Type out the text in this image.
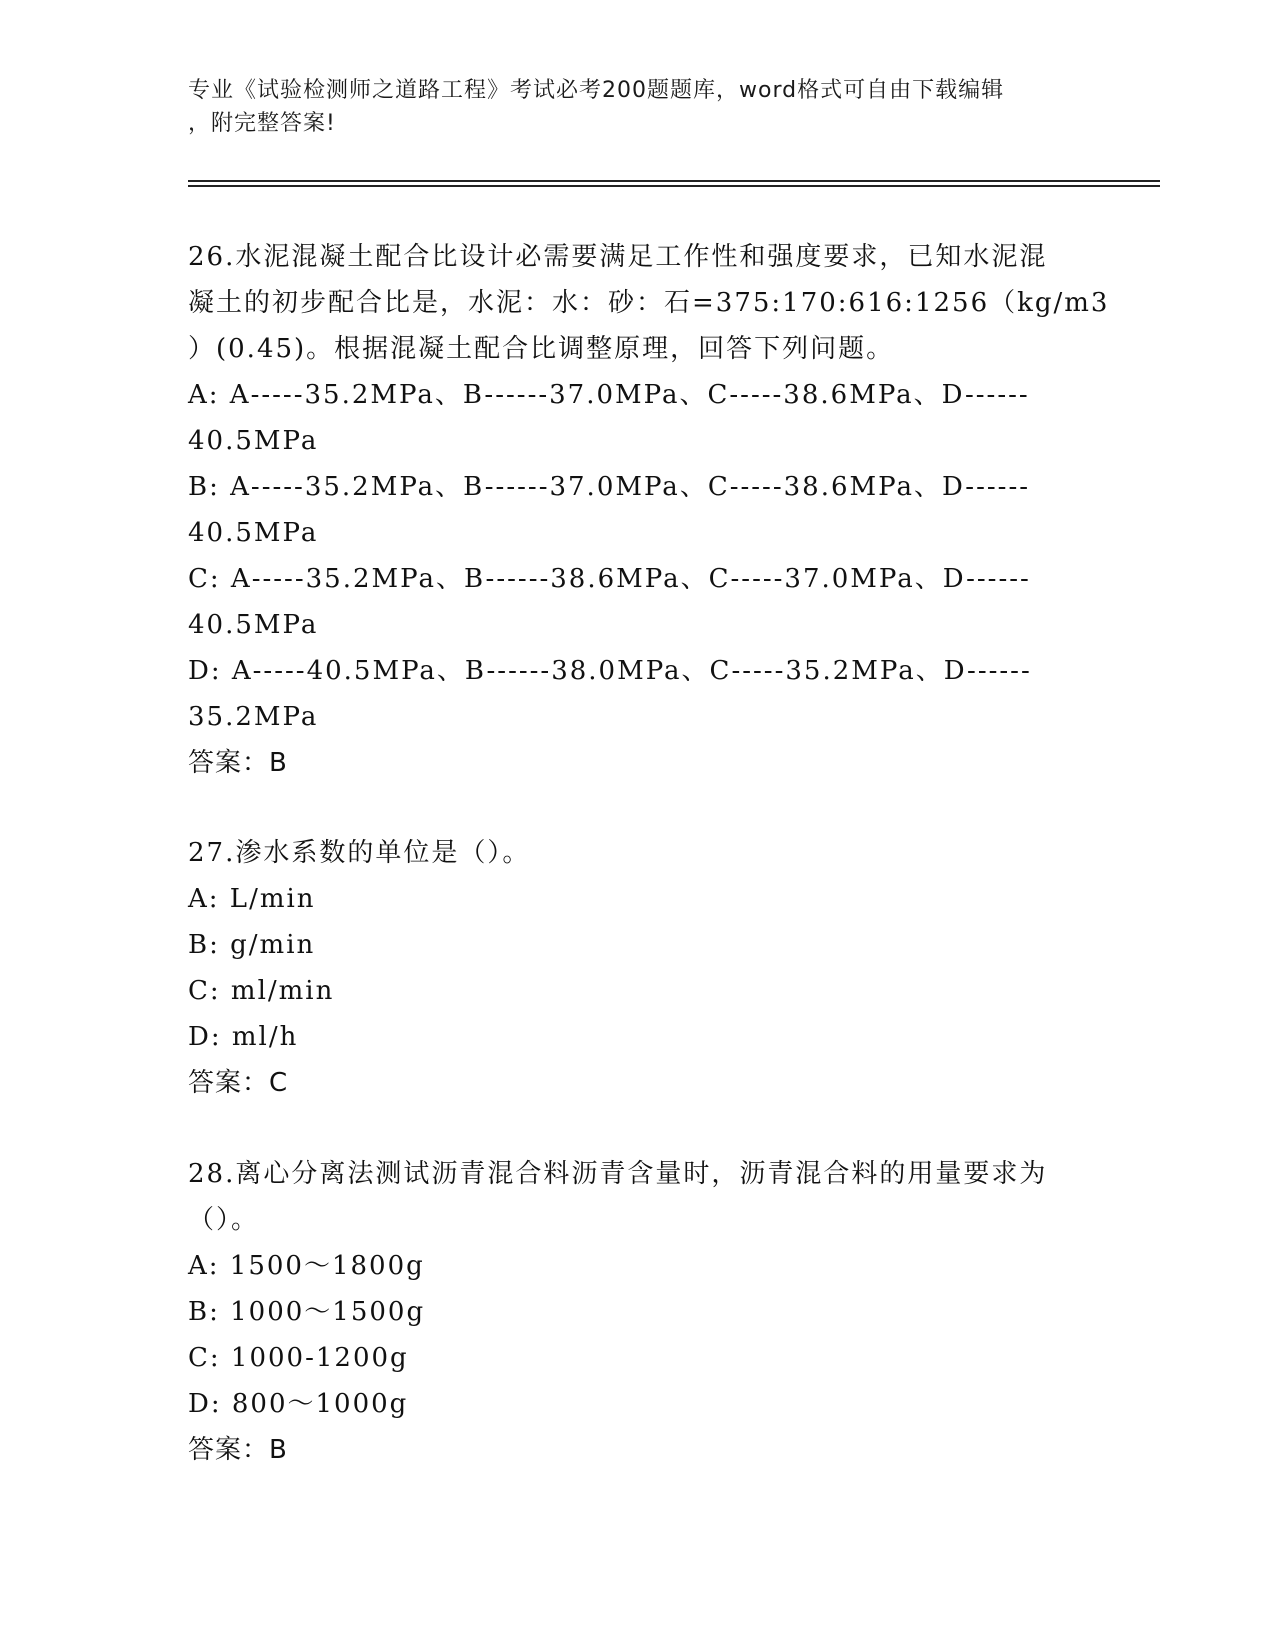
专业《试验检测师之道路工程》考试必考200题题库，word格式可自由下载编辑
，附完整答案!
26.水泥混凝土配合比设计必需要满足工作性和强度要求，已知水泥混
凝土的初步配合比是，水泥：水：砂：石=375:170:616:1256（kg/m3
）(0.45)。根据混凝土配合比调整原理，回答下列问题。
A: A-----35.2MPa、B------37.0MPa、C-----38.6MPa、D------
40.5MPa
B: A-----35.2MPa、B------37.0MPa、C-----38.6MPa、D------
40.5MPa
C: A-----35.2MPa、B------38.6MPa、C-----37.0MPa、D------
40.5MPa
D: A-----40.5MPa、B------38.0MPa、C-----35.2MPa、D------
35.2MPa
答案：B
27.渗水系数的单位是（）。
A: L/min
B: g/min
C: ml/min
D: ml/h
答案：C
28.离心分离法测试沥青混合料沥青含量时，沥青混合料的用量要求为
（）。
A: 1500～1800g
B: 1000～1500g
C: 1000-1200g
D: 800～1000g
答案：B
